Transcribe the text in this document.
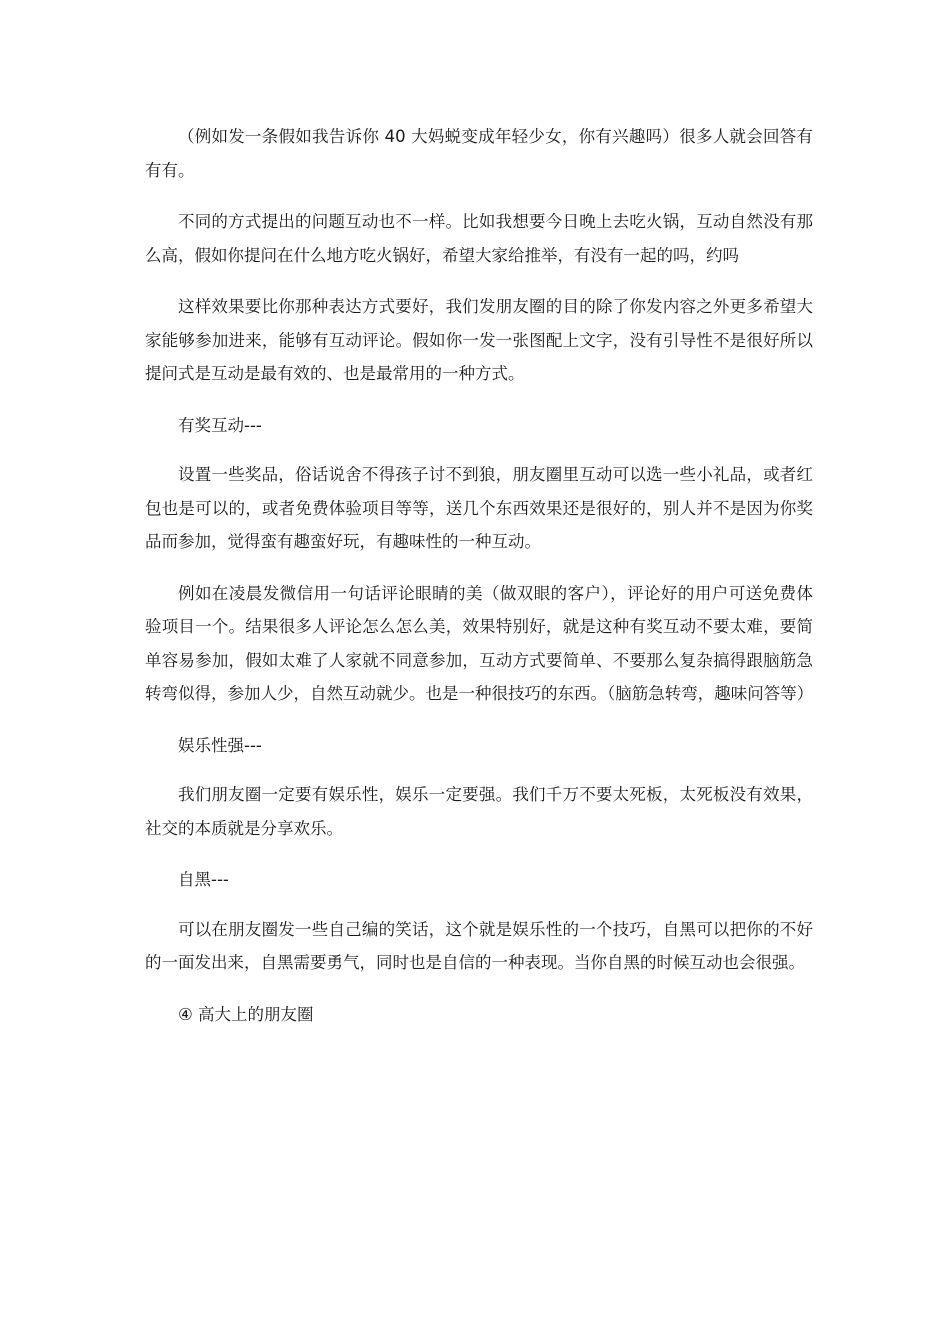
（例如发一条假如我告诉你 40 大妈蜕变成年轻少女，你有兴趣吗）很多人就会回答有有有。

不同的方式提出的问题互动也不一样。比如我想要今日晚上去吃火锅，互动自然没有那么高，假如你提问在什么地方吃火锅好，希望大家给推举，有没有一起的吗，约吗

这样效果要比你那种表达方式要好，我们发朋友圈的目的除了你发内容之外更多希望大家能够参加进来，能够有互动评论。假如你一发一张图配上文字，没有引导性不是很好所以提问式是互动是最有效的、也是最常用的一种方式。

有奖互动---

设置一些奖品，俗话说舍不得孩子讨不到狼，朋友圈里互动可以选一些小礼品，或者红包也是可以的，或者免费体验项目等等，送几个东西效果还是很好的，别人并不是因为你奖品而参加，觉得蛮有趣蛮好玩，有趣味性的一种互动。

例如在凌晨发微信用一句话评论眼睛的美（做双眼的客户），评论好的用户可送免费体验项目一个。结果很多人评论怎么怎么美，效果特别好，就是这种有奖互动不要太难，要简单容易参加，假如太难了人家就不同意参加，互动方式要简单、不要那么复杂搞得跟脑筋急转弯似得，参加人少，自然互动就少。也是一种很技巧的东西。（脑筋急转弯，趣味问答等）

娱乐性强---

我们朋友圈一定要有娱乐性，娱乐一定要强。我们千万不要太死板，太死板没有效果，社交的本质就是分享欢乐。

自黑---

可以在朋友圈发一些自己编的笑话，这个就是娱乐性的一个技巧，自黑可以把你的不好的一面发出来，自黑需要勇气，同时也是自信的一种表现。当你自黑的时候互动也会很强。

④ 高大上的朋友圈
